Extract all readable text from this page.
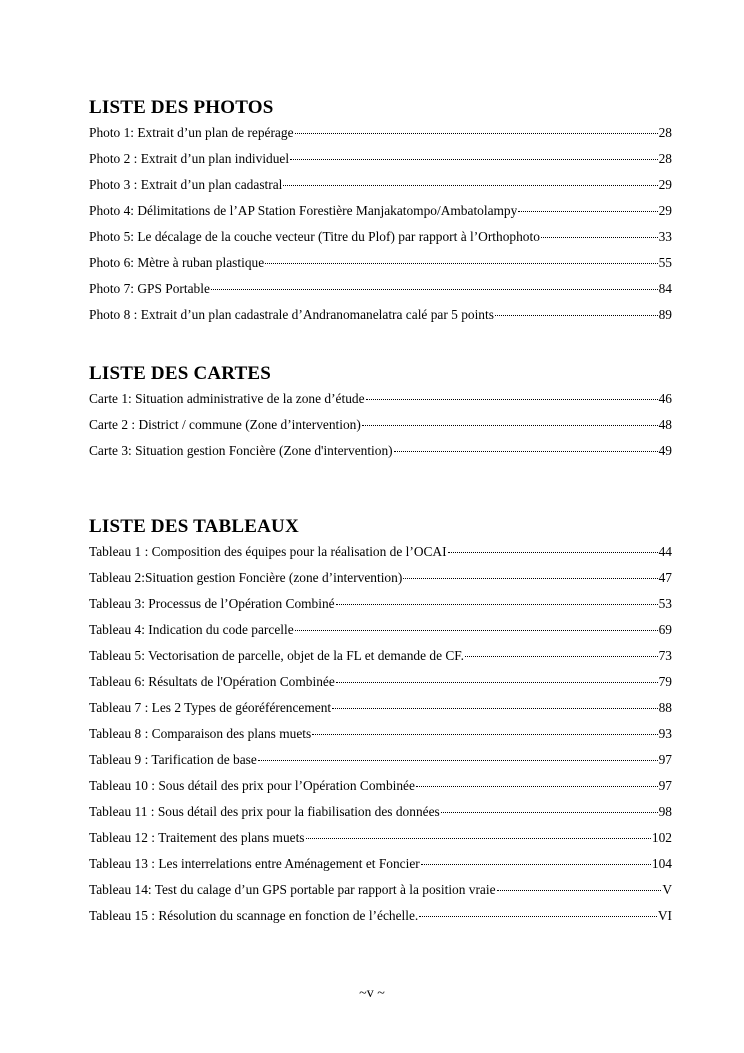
LISTE DES PHOTOS
Photo 1: Extrait d’un plan de repérage	28
Photo 2 : Extrait d’un plan individuel	28
Photo 3 : Extrait d’un plan cadastral	29
Photo 4: Délimitations de l’AP Station Forestière Manjakatompo/Ambatolampy	29
Photo 5: Le décalage de la couche vecteur (Titre du Plof) par rapport à l’Orthophoto	33
Photo 6: Mètre à ruban plastique	55
Photo 7: GPS Portable	84
Photo 8 : Extrait d’un plan cadastrale d’Andranomanelatra calé par 5 points	89
LISTE DES CARTES
Carte 1: Situation administrative de la zone d’étude	46
Carte 2 : District / commune (Zone d’intervention)	48
Carte 3: Situation gestion Foncière (Zone d'intervention)	49
LISTE DES TABLEAUX
Tableau 1 : Composition des équipes pour la réalisation de l’OCAI	44
Tableau 2:Situation gestion Foncière (zone d’intervention)	47
Tableau 3: Processus de l’Opération Combiné	53
Tableau 4: Indication du code parcelle	69
Tableau 5: Vectorisation de parcelle, objet de la FL et demande de CF.	73
Tableau 6: Résultats de l'Opération Combinée	79
Tableau 7 : Les 2 Types de géoréférencement	88
Tableau 8 : Comparaison des plans muets	93
Tableau 9 : Tarification de base	97
Tableau 10 : Sous détail des prix pour l’Opération Combinée	97
Tableau 11 : Sous détail des prix pour la fiabilisation des données	98
Tableau 12 : Traitement des plans muets	102
Tableau 13 : Les interrelations entre Aménagement et Foncier	104
Tableau 14: Test du calage d’un GPS portable par rapport à la position vraie	V
Tableau 15 : Résolution du scannage en fonction de l’échelle.	VI
~v ~
